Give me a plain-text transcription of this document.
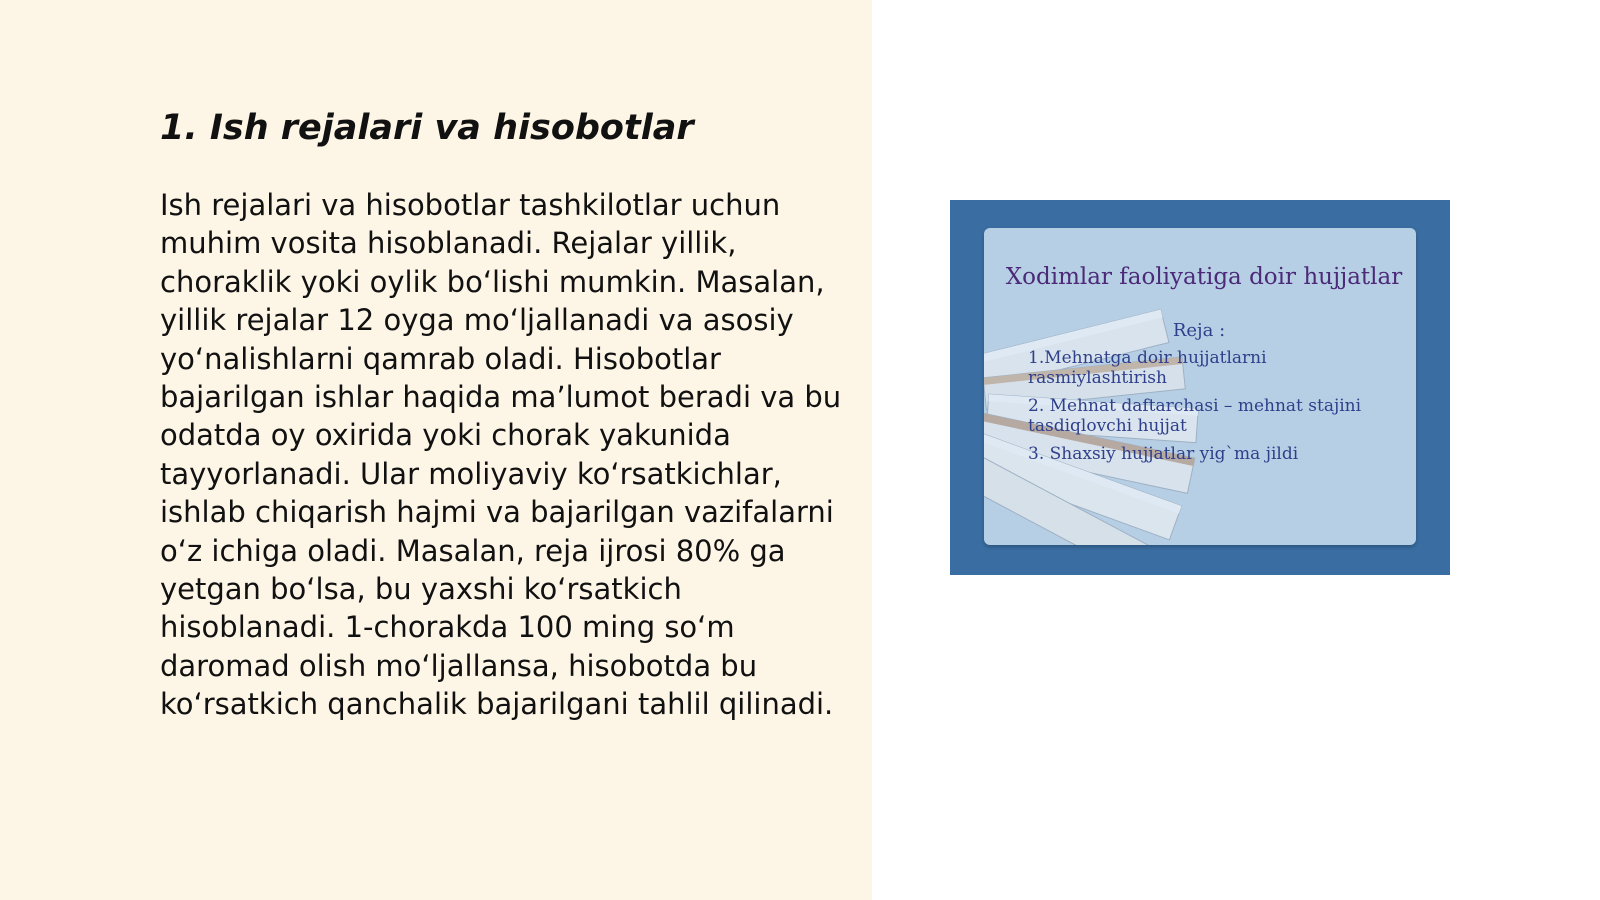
1. Ish rejalari va hisobotlar

Ish rejalari va hisobotlar tashkilotlar uchun muhim vosita hisoblanadi. Rejalar yillik, choraklik yoki oylik bo‘lishi mumkin. Masalan, yillik rejalar 12 oyga mo‘ljallanadi va asosiy yo‘nalishlarni qamrab oladi. Hisobotlar bajarilgan ishlar haqida ma’lumot beradi va bu odatda oy oxirida yoki chorak yakunida tayyorlanadi. Ular moliyaviy ko‘rsatkichlar, ishlab chiqarish hajmi va bajarilgan vazifalarni o‘z ichiga oladi. Masalan, reja ijrosi 80% ga yetgan bo‘lsa, bu yaxshi ko‘rsatkich hisoblanadi. 1-chorakda 100 ming so‘m daromad olish mo‘ljallansa, hisobotda bu ko‘rsatkich qanchalik bajarilgani tahlil qilinadi.

Xodimlar faoliyatiga doir hujjatlar
Reja :
1.Mehnatga doir hujjatlarni rasmiylashtirish
2. Mehnat daftarchasi – mehnat stajini tasdiqlovchi hujjat
3. Shaxsiy hujjatlar yig`ma jildi
